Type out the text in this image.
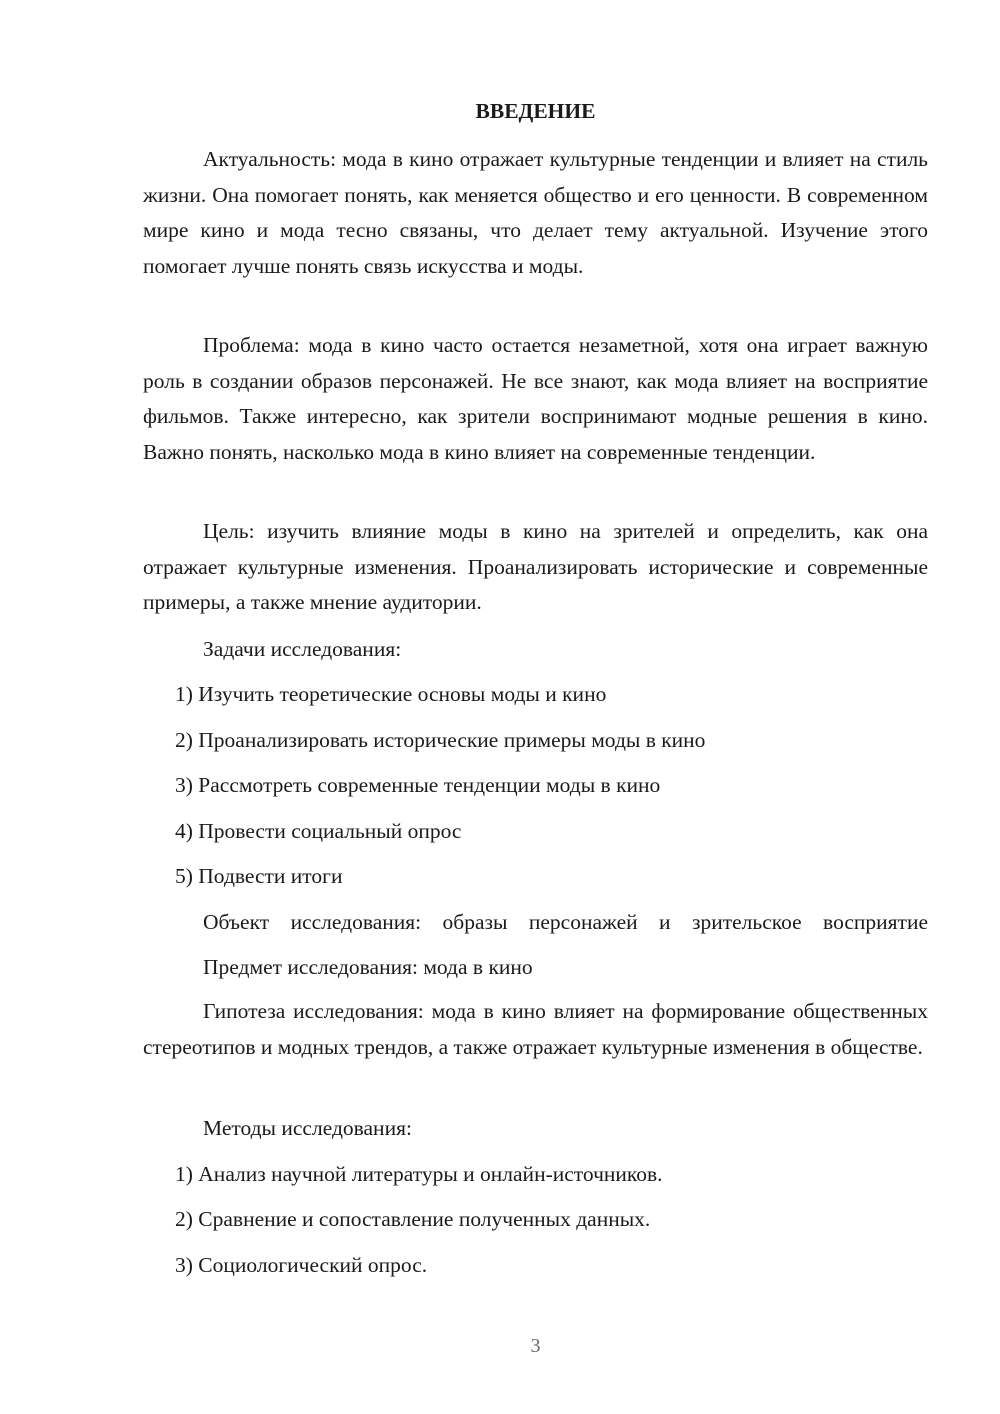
ВВЕДЕНИЕ

Актуальность: мода в кино отражает культурные тенденции и влияет на стиль жизни. Она помогает понять, как меняется общество и его ценности. В современном мире кино и мода тесно связаны, что делает тему актуальной. Изучение этого помогает лучше понять связь искусства и моды.

Проблема: мода в кино часто остается незаметной, хотя она играет важную роль в создании образов персонажей. Не все знают, как мода влияет на восприятие фильмов. Также интересно, как зрители воспринимают модные решения в кино. Важно понять, насколько мода в кино влияет на современные тенденции.

Цель: изучить влияние моды в кино на зрителей и определить, как она отражает культурные изменения. Проанализировать исторические и современные примеры, а также мнение аудитории.

Задачи исследования:

1) Изучить теоретические основы моды и кино

2) Проанализировать исторические примеры моды в кино

3) Рассмотреть современные тенденции моды в кино

4) Провести социальный опрос

5) Подвести итоги

Объект исследования: образы персонажей и зрительское восприятие

Предмет исследования: мода в кино

Гипотеза исследования: мода в кино влияет на формирование общественных стереотипов и модных трендов, а также отражает культурные изменения в обществе.

Методы исследования:

1) Анализ научной литературы и онлайн-источников.

2) Сравнение и сопоставление полученных данных.

3) Социологический опрос.

3
